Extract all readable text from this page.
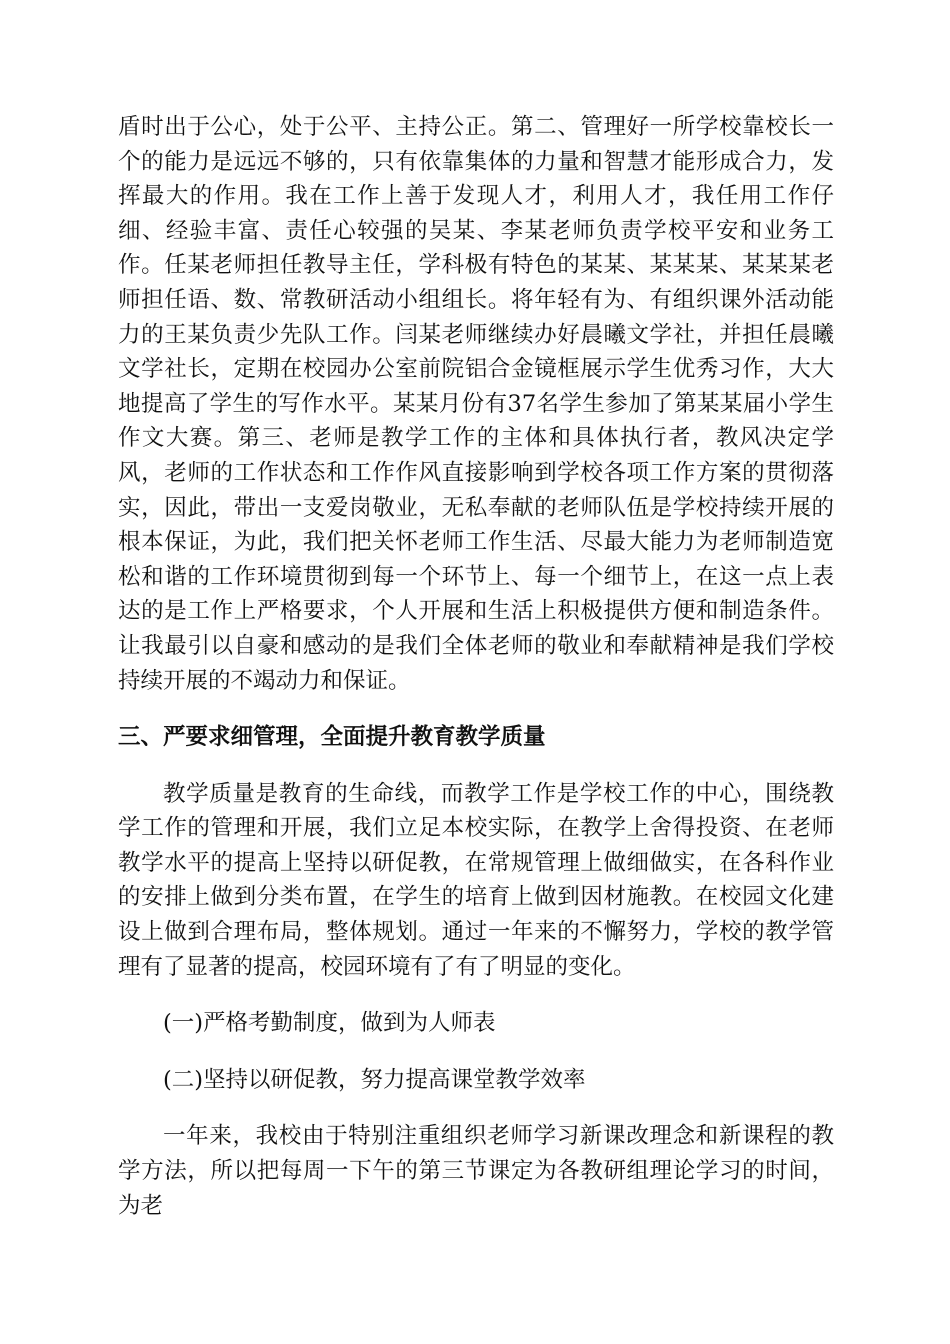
盾时出于公心，处于公平、主持公正。第二、管理好一所学校靠校长一个的能力是远远不够的，只有依靠集体的力量和智慧才能形成合力，发挥最大的作用。我在工作上善于发现人才，利用人才，我任用工作仔细、经验丰富、责任心较强的吴某、李某老师负责学校平安和业务工作。任某老师担任教导主任，学科极有特色的某某、某某某、某某某老师担任语、数、常教研活动小组组长。将年轻有为、有组织课外活动能力的王某负责少先队工作。闫某老师继续办好晨曦文学社，并担任晨曦文学社长，定期在校园办公室前院铝合金镜框展示学生优秀习作，大大地提高了学生的写作水平。某某月份有37名学生参加了第某某届小学生作文大赛。第三、老师是教学工作的主体和具体执行者，教风决定学风，老师的工作状态和工作作风直接影响到学校各项工作方案的贯彻落实，因此，带出一支爱岗敬业，无私奉献的老师队伍是学校持续开展的根本保证，为此，我们把关怀老师工作生活、尽最大能力为老师制造宽松和谐的工作环境贯彻到每一个环节上、每一个细节上，在这一点上表达的是工作上严格要求，个人开展和生活上积极提供方便和制造条件。让我最引以自豪和感动的是我们全体老师的敬业和奉献精神是我们学校持续开展的不竭动力和保证。

三、严要求细管理，全面提升教育教学质量

教学质量是教育的生命线，而教学工作是学校工作的中心，围绕教学工作的管理和开展，我们立足本校实际，在教学上舍得投资、在老师教学水平的提高上坚持以研促教，在常规管理上做细做实，在各科作业的安排上做到分类布置，在学生的培育上做到因材施教。在校园文化建设上做到合理布局，整体规划。通过一年来的不懈努力，学校的教学管理有了显著的提高，校园环境有了有了明显的变化。

(一)严格考勤制度，做到为人师表

(二)坚持以研促教，努力提高课堂教学效率

一年来，我校由于特别注重组织老师学习新课改理念和新课程的教学方法，所以把每周一下午的第三节课定为各教研组理论学习的时间，为老
